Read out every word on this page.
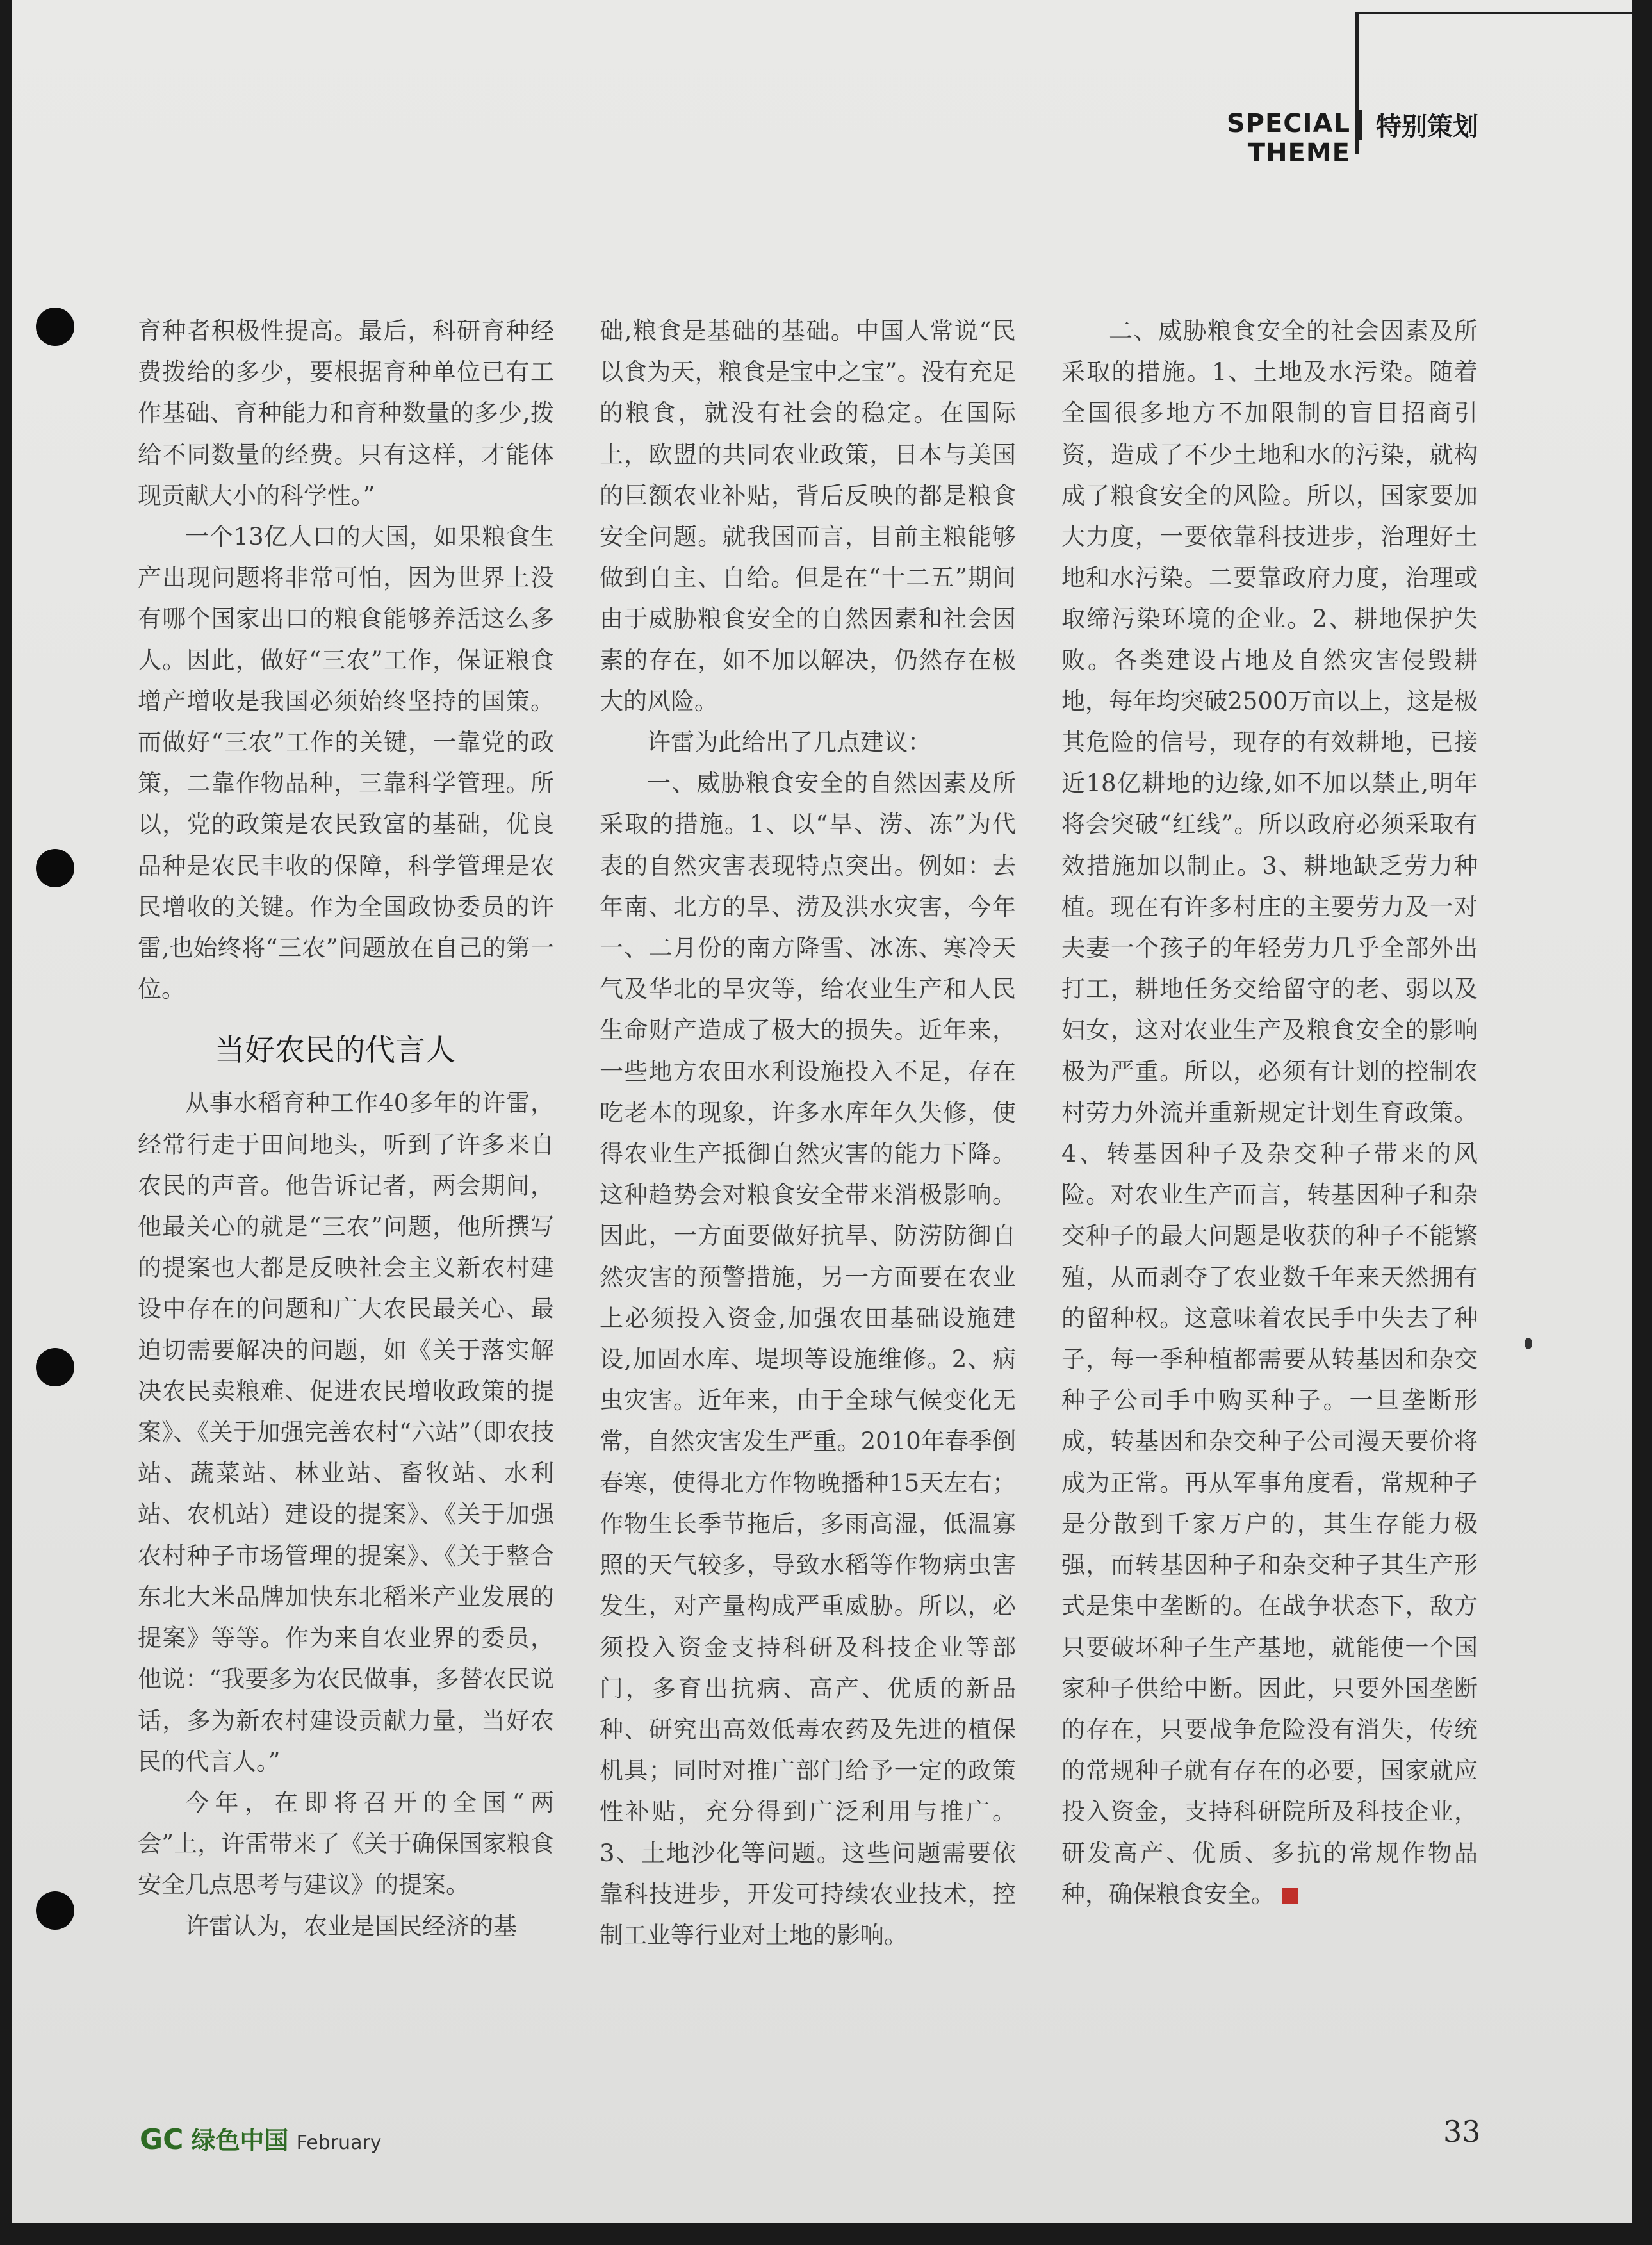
SPECIAL THEME
特别策划

育种者积极性提高。最后，科研育种经费拨给的多少，要根据育种单位已有工作基础、育种能力和育种数量的多少,拨给不同数量的经费。只有这样，才能体现贡献大小的科学性。”

一个13亿人口的大国，如果粮食生产出现问题将非常可怕，因为世界上没有哪个国家出口的粮食能够养活这么多人。因此，做好“三农”工作，保证粮食增产增收是我国必须始终坚持的国策。而做好“三农”工作的关键，一靠党的政策，二靠作物品种，三靠科学管理。所以，党的政策是农民致富的基础，优良品种是农民丰收的保障，科学管理是农民增收的关键。作为全国政协委员的许雷,也始终将“三农”问题放在自己的第一位。

当好农民的代言人

从事水稻育种工作40多年的许雷，经常行走于田间地头，听到了许多来自农民的声音。他告诉记者，两会期间，他最关心的就是“三农”问题，他所撰写的提案也大都是反映社会主义新农村建设中存在的问题和广大农民最关心、最迫切需要解决的问题，如《关于落实解决农民卖粮难、促进农民增收政策的提案》、《关于加强完善农村“六站”（即农技站、蔬菜站、林业站、畜牧站、水利站、农机站）建设的提案》、《关于加强农村种子市场管理的提案》、《关于整合东北大米品牌加快东北稻米产业发展的提案》等等。作为来自农业界的委员，他说：“我要多为农民做事，多替农民说话，多为新农村建设贡献力量，当好农民的代言人。”

今年，在即将召开的全国“两会”上，许雷带来了《关于确保国家粮食安全几点思考与建议》的提案。

许雷认为，农业是国民经济的基

础,粮食是基础的基础。中国人常说“民以食为天，粮食是宝中之宝”。没有充足的粮食，就没有社会的稳定。在国际上，欧盟的共同农业政策，日本与美国的巨额农业补贴，背后反映的都是粮食安全问题。就我国而言，目前主粮能够做到自主、自给。但是在“十二五”期间由于威胁粮食安全的自然因素和社会因素的存在，如不加以解决，仍然存在极大的风险。

许雷为此给出了几点建议：

一、威胁粮食安全的自然因素及所采取的措施。1、以“旱、涝、冻”为代表的自然灾害表现特点突出。例如：去年南、北方的旱、涝及洪水灾害，今年一、二月份的南方降雪、冰冻、寒冷天气及华北的旱灾等，给农业生产和人民生命财产造成了极大的损失。近年来，一些地方农田水利设施投入不足，存在吃老本的现象，许多水库年久失修，使得农业生产抵御自然灾害的能力下降。这种趋势会对粮食安全带来消极影响。因此，一方面要做好抗旱、防涝防御自然灾害的预警措施，另一方面要在农业上必须投入资金,加强农田基础设施建设,加固水库、堤坝等设施维修。2、病虫灾害。近年来，由于全球气候变化无常，自然灾害发生严重。2010年春季倒春寒，使得北方作物晚播种15天左右；作物生长季节拖后，多雨高湿，低温寡照的天气较多，导致水稻等作物病虫害发生，对产量构成严重威胁。所以，必须投入资金支持科研及科技企业等部门，多育出抗病、高产、优质的新品种、研究出高效低毒农药及先进的植保机具；同时对推广部门给予一定的政策性补贴，充分得到广泛利用与推广。3、土地沙化等问题。这些问题需要依靠科技进步，开发可持续农业技术，控制工业等行业对土地的影响。

二、威胁粮食安全的社会因素及所采取的措施。1、土地及水污染。随着全国很多地方不加限制的盲目招商引资，造成了不少土地和水的污染，就构成了粮食安全的风险。所以，国家要加大力度，一要依靠科技进步，治理好土地和水污染。二要靠政府力度，治理或取缔污染环境的企业。2、耕地保护失败。各类建设占地及自然灾害侵毁耕地，每年均突破2500万亩以上，这是极其危险的信号，现存的有效耕地，已接近18亿耕地的边缘,如不加以禁止,明年将会突破“红线”。所以政府必须采取有效措施加以制止。3、耕地缺乏劳力种植。现在有许多村庄的主要劳力及一对夫妻一个孩子的年轻劳力几乎全部外出打工，耕地任务交给留守的老、弱以及妇女，这对农业生产及粮食安全的影响极为严重。所以，必须有计划的控制农村劳力外流并重新规定计划生育政策。4、转基因种子及杂交种子带来的风险。对农业生产而言，转基因种子和杂交种子的最大问题是收获的种子不能繁殖，从而剥夺了农业数千年来天然拥有的留种权。这意味着农民手中失去了种子，每一季种植都需要从转基因和杂交种子公司手中购买种子。一旦垄断形成，转基因和杂交种子公司漫天要价将成为正常。再从军事角度看，常规种子是分散到千家万户的，其生存能力极强，而转基因种子和杂交种子其生产形式是集中垄断的。在战争状态下，敌方只要破坏种子生产基地，就能使一个国家种子供给中断。因此，只要外国垄断的存在，只要战争危险没有消失，传统的常规种子就有存在的必要，国家就应投入资金，支持科研院所及科技企业，研发高产、优质、多抗的常规作物品种，确保粮食安全。

GC 绿色中国 February	33
